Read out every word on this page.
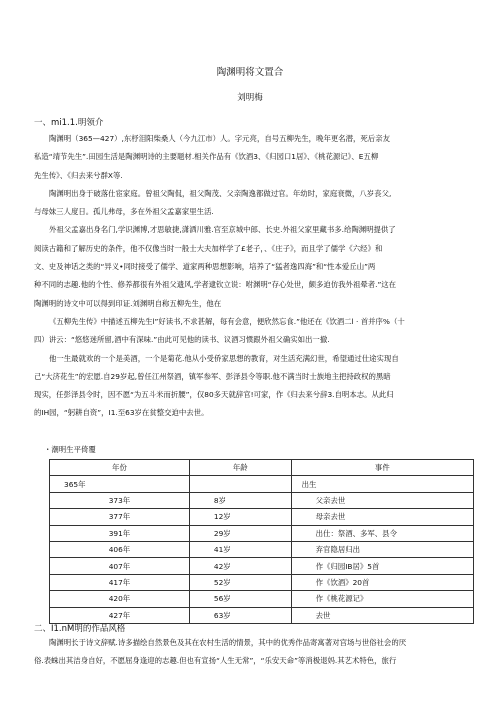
陶渊明将文置合
刘明梅
一、mi1.1.明领介
陶渊明（365—427）,东杼泪阳柴桑人（今九江市）人。字元亮，自号五柳先生，晚年更名潜，死后亲友
私造“靖节先生”.田园生活是陶渊明诗的主要题材.相关作品有《饮酒3、《归园口1居》、《桃花源记》、E五柳
先生传》、《归去来兮群X等.
陶渊明出身于破落仕宦家庭。曾祖父陶侃，祖父陶茂、父亲陶逸都做过官。年幼时，家庭衰微，八岁丧父,
与母妹三人度日。孤儿弗母，多在外祖父孟嘉家里生活.
外祖父孟嘉出身名门,学识渊博,才思敏捷,潇洒川雅.官至京城中郎、长史.外祖父家里藏书多.给陶渊明提供了
阅读古籍和了解历史的条件，他不仅像当时一般士大夫加样学了£老子，、《庄子》，而且学了儒学《六经》和
文、史及神话之类的“异义•同时接受了儒学、道家两种思想影响，培养了“猛者逸四海”和“性本爱丘山”两
种不同的志趣.他的个性、修养都很有外祖父遗风,学者逮钦立说：咐渊明“存心处世，颇多迫仿我外祖晕者.”这在
陶渊明的诗文中可以得到印证.刘渊明自称五柳先生，他在
《五柳先生传》中描述五柳先生l”好读书,不求甚解，每有会意，便欣然忘食.”他还在《饮酒二l · 首并序%（十
四）讲云：“悠悠迷所留,酒中有深味.”由此可见他的读书、议酒习惯跟外祖父确实如出一撤.
他一生最就欢的一个是美酒，一个是菊花.他从小受侨家思想的教育，对生活充满幻世，希望通过仕途实现自
己“大济花生”的宏愿.自29岁起,曾任江州祭酒，镇军参军、彭泽县令等职.他不满当时士族地主把持政权的黑暗
现实，任彭泽县令时，因不愿“为五斗米而折腰”，仅80多天就辞官!可家，作《归去来兮辞3.自明本志。从此归
的IH园，“躬耕自资”，I1.至63岁在贫整交迫中去世。
・潮明生平倚覆
年份	年龄	事件
365年		出生
373年	8岁	父亲去世
377年	12岁	母亲去世
391年	29岁	出仕：祭酒、多军、县令
406年	41岁	弃官隐居归出
407年	42岁	作《归园IB居》5首
417年	52岁	作《饮酒》20首
420年	56岁	作《桃花源记》
427年	63岁	去世
二、I1.nM明的作品风格
陶渊明长于诗文辞赋.诗多描绘自然景色及其在农村生活的情景，其中的优秀作品寄寓著对宫场与世俗社会的厌
俗.表蛛出其洁身自好，不愿屈身逢迎的志趣.但也有宣扬“人生无常”，“乐安天命”等消极退妈.其艺术特色，旅行
